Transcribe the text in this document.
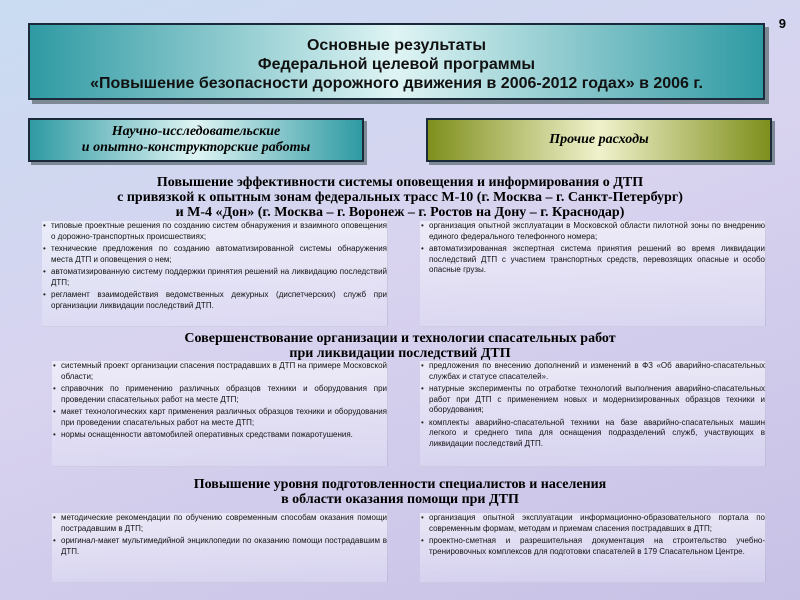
9
Основные результаты
Федеральной целевой программы
«Повышение безопасности дорожного движения в 2006-2012 годах» в 2006 г.
Научно-исследовательские
и опытно-конструкторские работы
Прочие расходы
Повышение эффективности системы оповещения и информирования о ДТП
с привязкой к опытным зонам федеральных трасс М-10 (г. Москва – г. Санкт-Петербург)
и М-4 «Дон» (г. Москва – г. Воронеж – г. Ростов на Дону – г. Краснодар)
• типовые проектные решения по созданию систем обнаружения и взаимного оповещения о дорожно-транспортных происшествиях;
• технические предложения по созданию автоматизированной системы обнаружения места ДТП и оповещения о нем;
• автоматизированную систему поддержки принятия решений на ликвидацию последствий ДТП;
• регламент взаимодействия ведомственных дежурных (диспетчерских) служб при организации ликвидации последствий ДТП.
• организация опытной эксплуатации в Московской области пилотной зоны по внедрению единого федерального телефонного номера;
• автоматизированная экспертная система принятия решений во время ликвидации последствий ДТП с участием транспортных средств, перевозящих опасные и особо опасные грузы.
Совершенствование организации и технологии спасательных работ
при ликвидации последствий ДТП
• системный проект организации спасения пострадавших в ДТП на примере Московской области;
• справочник по применению различных образцов техники и оборудования при проведении спасательных работ на месте ДТП;
• макет технологических карт применения различных образцов техники и оборудования при проведении спасательных работ на месте ДТП;
• нормы оснащенности автомобилей оперативных средствами пожаротушения.
• предложения по внесению дополнений и изменений в ФЗ «Об аварийно-спасательных службах и статусе спасателей».
• натурные эксперименты по отработке технологий выполнения аварийно-спасательных работ при ДТП с применением новых и модернизированных образцов техники и оборудования;
• комплекты аварийно-спасательной техники на базе аварийно-спасательных машин легкого и среднего типа для оснащения подразделений служб, участвующих в ликвидации последствий ДТП.
Повышение уровня подготовленности специалистов и населения
в области оказания помощи при ДТП
• методические рекомендации по обучению современным способам оказания помощи пострадавшим в ДТП;
• оригинал-макет мультимедийной энциклопедии по оказанию помощи пострадавшим в ДТП.
• организация опытной эксплуатации информационно-образовательного портала по современным формам, методам и приемам спасения пострадавших в ДТП;
• проектно-сметная и разрешительная документация на строительство учебно-тренировочных комплексов для подготовки спасателей в 179 Спасательном Центре.
